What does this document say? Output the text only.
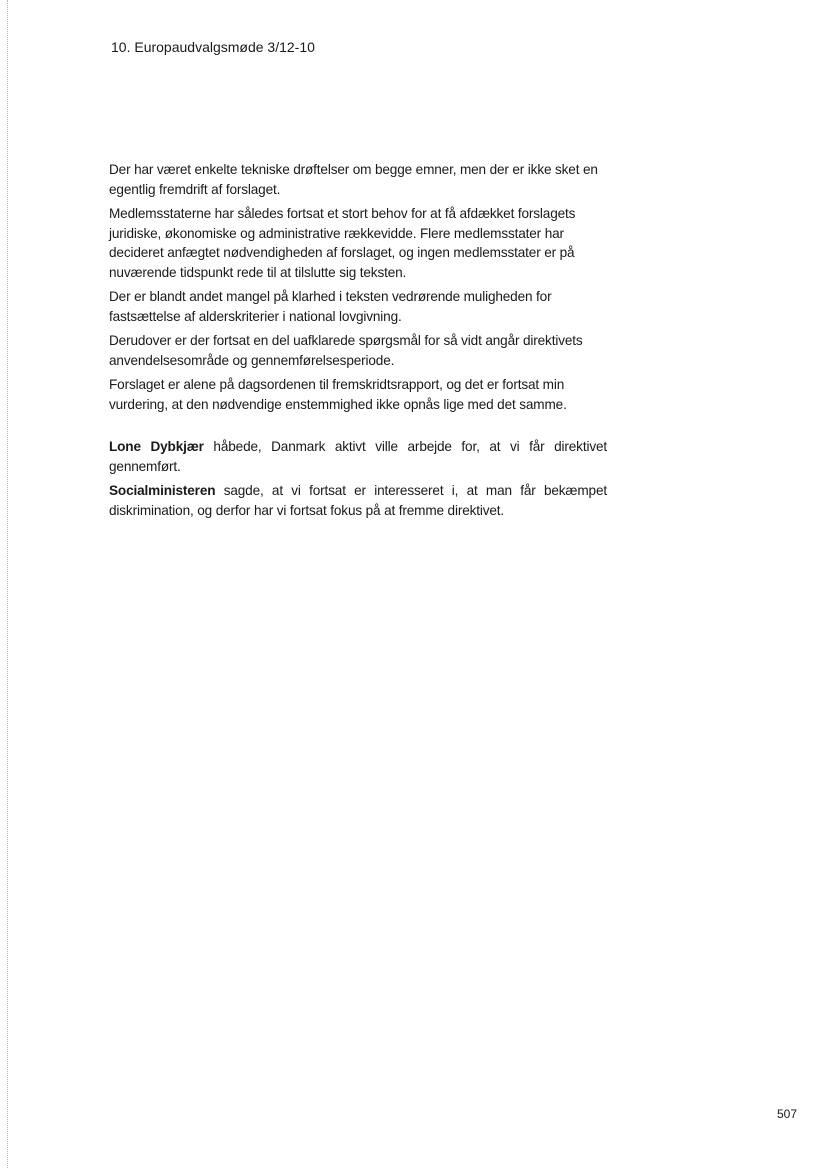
10. Europaudvalgsmøde 3/12-10

Der har været enkelte tekniske drøftelser om begge emner, men der er ikke sket en egentlig fremdrift af forslaget.

Medlemsstaterne har således fortsat et stort behov for at få afdækket forslagets juridiske, økonomiske og administrative rækkevidde. Flere medlemsstater har decideret anfægtet nødvendigheden af forslaget, og ingen medlemsstater er på nuværende tidspunkt rede til at tilslutte sig teksten.

Der er blandt andet mangel på klarhed i teksten vedrørende muligheden for fastsættelse af alderskriterier i national lovgivning.

Derudover er der fortsat en del uafklarede spørgsmål for så vidt angår direktivets anvendelsesområde og gennemførelsesperiode.

Forslaget er alene på dagsordenen til fremskridtsrapport, og det er fortsat min vurdering, at den nødvendige enstemmighed ikke opnås lige med det samme.

Lone Dybkjær håbede, Danmark aktivt ville arbejde for, at vi får direktivet gennemført.

Socialministeren sagde, at vi fortsat er interesseret i, at man får bekæmpet diskrimination, og derfor har vi fortsat fokus på at fremme direktivet.

507
